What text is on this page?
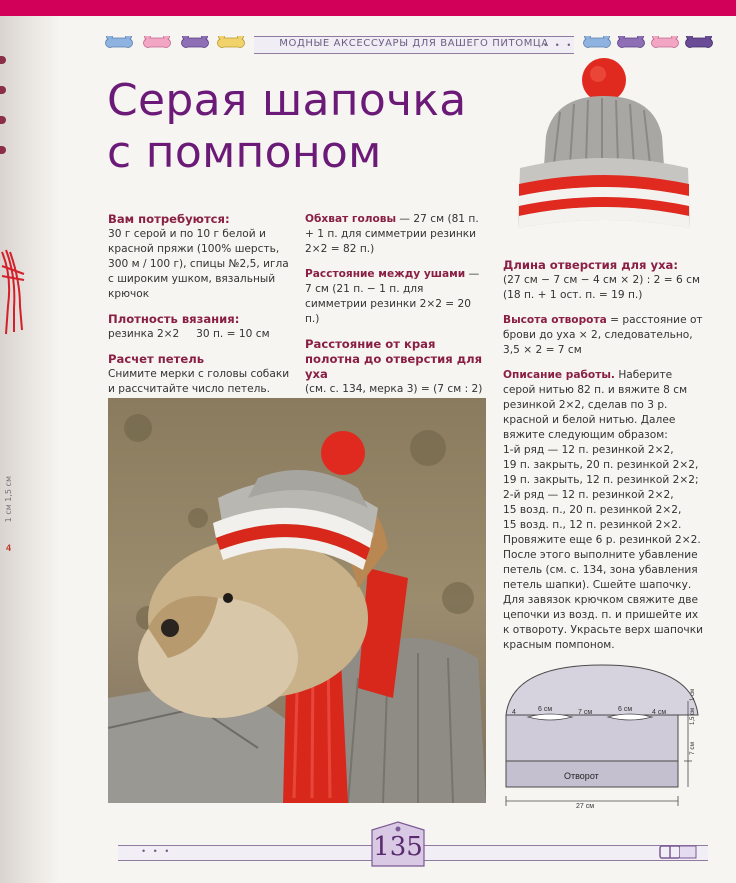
1 см 1,5 см
4
МОДНЫЕ АКСЕССУАРЫ ДЛЯ ВАШЕГО ПИТОМЦА
• • •
Серая шапочка
с помпоном

Вам потребуются:
30 г серой и по 10 г белой и красной пряжи (100% шерсть, 300 м / 100 г), спицы №2,5, игла с широким ушком, вязальный крючок

Плотность вязания:
резинка 2×2     30 п. = 10 см

Расчет петель
Снимите мерки с головы собаки и рассчитайте число петель.

Обхват головы — 27 см (81 п. + 1 п. для симметрии резинки 2×2 = 82 п.)

Расстояние между ушами — 7 см (21 п. − 1 п. для симметрии резинки 2×2 = 20 п.)

Расстояние от края полотна до отверстия для уха
(см. с. 134, мерка 3) = (7 см : 2)

Длина отверстия для уха:
(27 см − 7 см − 4 см × 2) : 2 = 6 см (18 п. + 1 ост. п. = 19 п.)

Высота отворота = расстояние от брови до уха × 2, следовательно, 3,5 × 2 = 7 см

Описание работы. Наберите серой нитью 82 п. и вяжите 8 см резинкой 2×2, сделав по 3 р. красной и белой нитью. Далее вяжите следующим образом:

1-й ряд — 12 п. резинкой 2×2,
19 п. закрыть, 20 п. резинкой 2×2,
19 п. закрыть, 12 п. резинкой 2×2;
2-й ряд — 12 п. резинкой 2×2,
15 возд. п., 20 п. резинкой 2×2,
15 возд. п., 12 п. резинкой 2×2.

Провяжите еще 6 р. резинкой 2×2. После этого выполните убавление петель (см. с. 134, зона убавления петель шапки). Сшейте шапочку. Для завязок крючком свяжите две цепочки из возд. п. и пришейте их к отвороту. Украсьте верх шапочки красным помпоном.

4	6 см	7 см	6 см	4 см
1 см
1,5 см
7 см
Отворот
27 см
• • •	135
